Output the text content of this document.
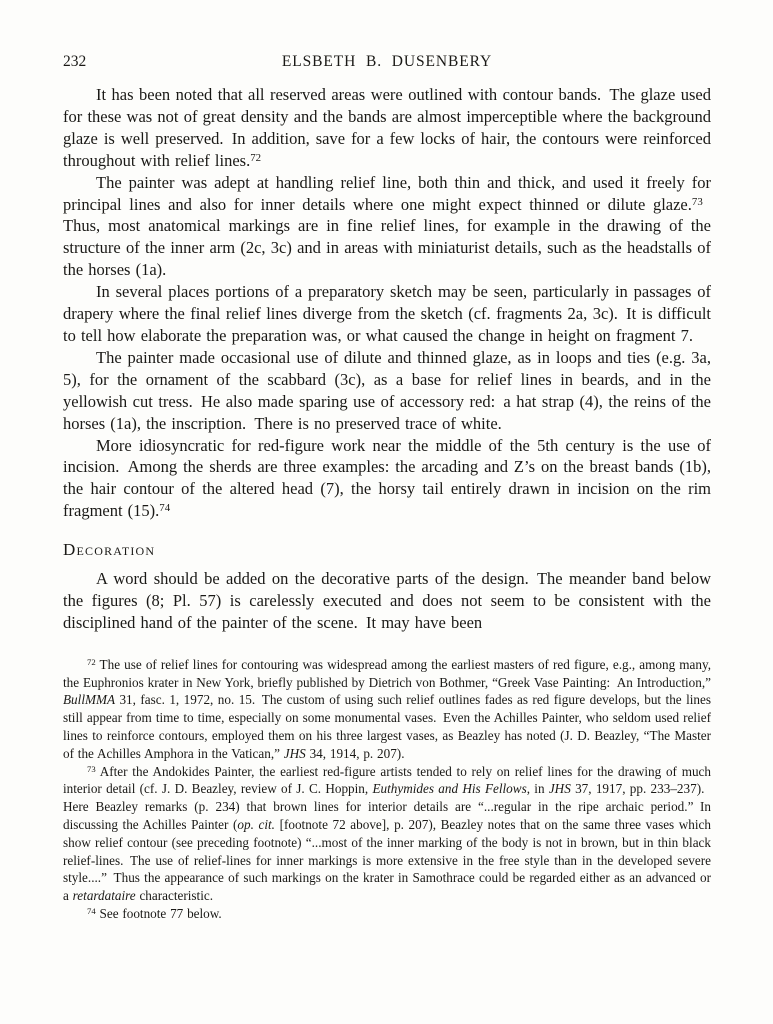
232	ELSBETH B. DUSENBERY

It has been noted that all reserved areas were outlined with contour bands. The glaze used for these was not of great density and the bands are almost imperceptible where the background glaze is well preserved. In addition, save for a few locks of hair, the contours were reinforced throughout with relief lines.$^{72}$

The painter was adept at handling relief line, both thin and thick, and used it freely for principal lines and also for inner details where one might expect thinned or dilute glaze.$^{73}$ Thus, most anatomical markings are in fine relief lines, for example in the drawing of the structure of the inner arm (2c, 3c) and in areas with miniaturist details, such as the headstalls of the horses (1a).

In several places portions of a preparatory sketch may be seen, particularly in passages of drapery where the final relief lines diverge from the sketch (cf. fragments 2a, 3c). It is difficult to tell how elaborate the preparation was, or what caused the change in height on fragment 7.

The painter made occasional use of dilute and thinned glaze, as in loops and ties (e.g. 3a, 5), for the ornament of the scabbard (3c), as a base for relief lines in beards, and in the yellowish cut tress. He also made sparing use of accessory red: a hat strap (4), the reins of the horses (1a), the inscription. There is no preserved trace of white.

More idiosyncratic for red-figure work near the middle of the 5th century is the use of incision. Among the sherds are three examples: the arcading and Z’s on the breast bands (1b), the hair contour of the altered head (7), the horsy tail entirely drawn in incision on the rim fragment (15).$^{74}$

Decoration

A word should be added on the decorative parts of the design. The meander band below the figures (8; Pl. 57) is carelessly executed and does not seem to be consistent with the disciplined hand of the painter of the scene. It may have been

$^{72}$ The use of relief lines for contouring was widespread among the earliest masters of red figure, e.g., among many, the Euphronios krater in New York, briefly published by Dietrich von Bothmer, “Greek Vase Painting: An Introduction,” BullMMA 31, fasc. 1, 1972, no. 15. The custom of using such relief outlines fades as red figure develops, but the lines still appear from time to time, especially on some monumental vases. Even the Achilles Painter, who seldom used relief lines to reinforce contours, employed them on his three largest vases, as Beazley has noted (J. D. Beazley, “The Master of the Achilles Amphora in the Vatican,” JHS 34, 1914, p. 207).

$^{73}$ After the Andokides Painter, the earliest red-figure artists tended to rely on relief lines for the drawing of much interior detail (cf. J. D. Beazley, review of J. C. Hoppin, Euthymides and His Fellows, in JHS 37, 1917, pp. 233–237). Here Beazley remarks (p. 234) that brown lines for interior details are “...regular in the ripe archaic period.” In discussing the Achilles Painter (op. cit. [footnote 72 above], p. 207), Beazley notes that on the same three vases which show relief contour (see preceding footnote) “...most of the inner marking of the body is not in brown, but in thin black relief-lines. The use of relief-lines for inner markings is more extensive in the free style than in the developed severe style....” Thus the appearance of such markings on the krater in Samothrace could be regarded either as an advanced or a retardataire characteristic.

$^{74}$ See footnote 77 below.
